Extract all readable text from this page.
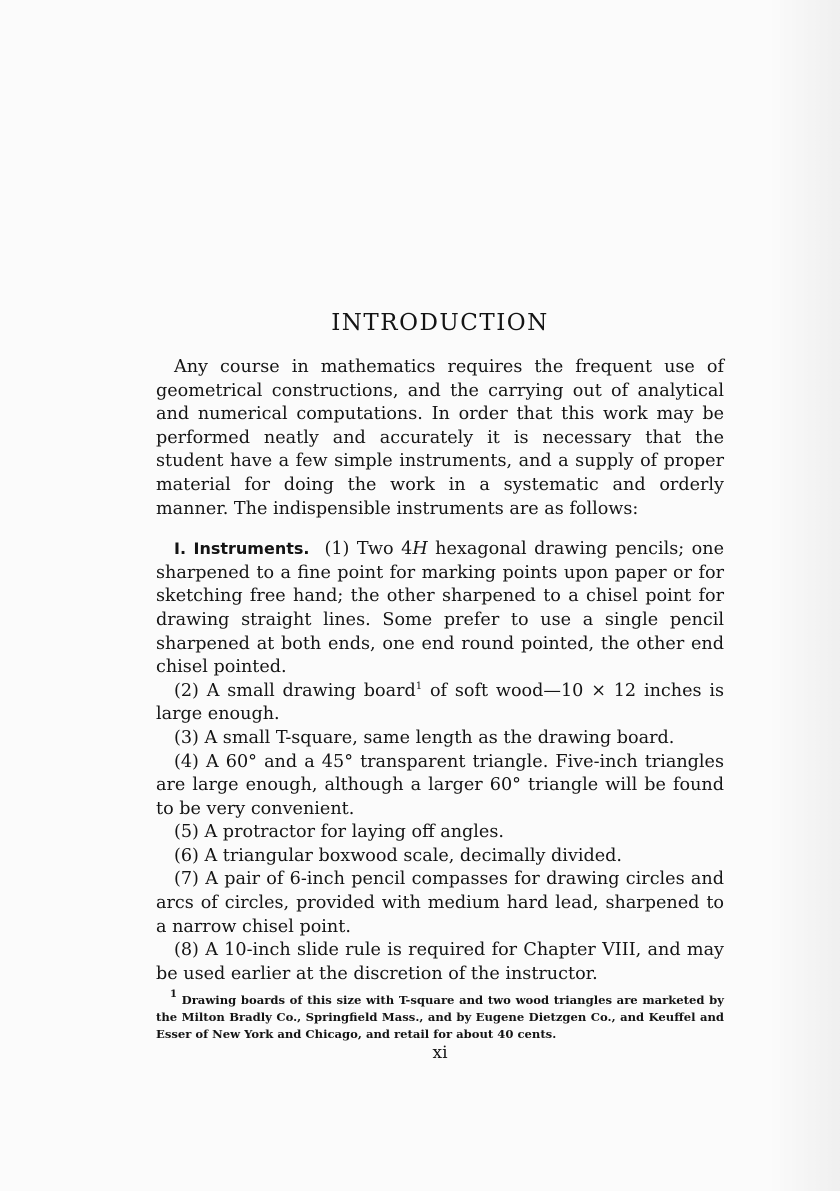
INTRODUCTION

Any course in mathematics requires the frequent use of geometrical constructions, and the carrying out of analytical and numerical computations. In order that this work may be performed neatly and accurately it is necessary that the student have a few simple instruments, and a supply of proper material for doing the work in a systematic and orderly manner. The indispensible instruments are as follows:

I. Instruments. (1) Two 4H hexagonal drawing pencils; one sharpened to a fine point for marking points upon paper or for sketching free hand; the other sharpened to a chisel point for drawing straight lines. Some prefer to use a single pencil sharpened at both ends, one end round pointed, the other end chisel pointed.

(2) A small drawing board$^1$ of soft wood—10 × 12 inches is large enough.

(3) A small T-square, same length as the drawing board.

(4) A 60° and a 45° transparent triangle. Five-inch triangles are large enough, although a larger 60° triangle will be found to be very convenient.

(5) A protractor for laying off angles.

(6) A triangular boxwood scale, decimally divided.

(7) A pair of 6-inch pencil compasses for drawing circles and arcs of circles, provided with medium hard lead, sharpened to a narrow chisel point.

(8) A 10-inch slide rule is required for Chapter VIII, and may be used earlier at the discretion of the instructor.

$^1$ Drawing boards of this size with T-square and two wood triangles are marketed by the Milton Bradly Co., Springfield Mass., and by Eugene Dietzgen Co., and Keuffel and Esser of New York and Chicago, and retail for about 40 cents.

xi
